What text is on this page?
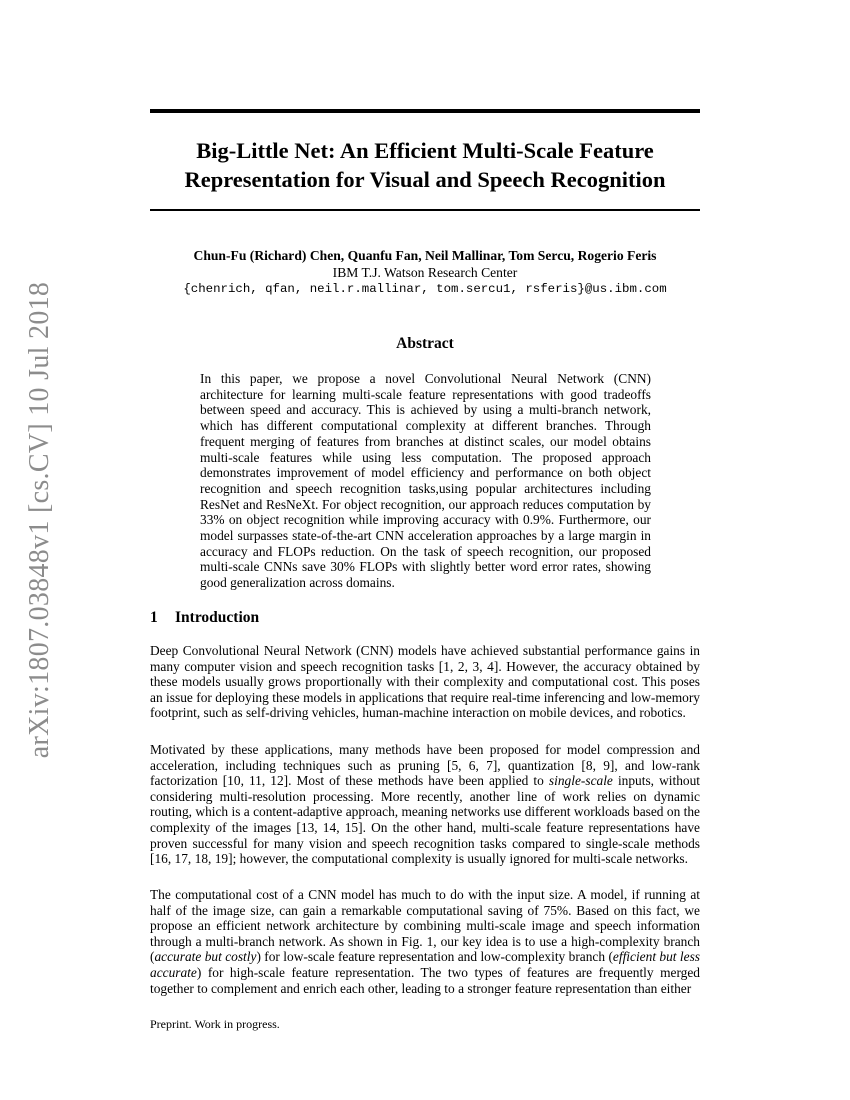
arXiv:1807.03848v1 [cs.CV] 10 Jul 2018
Big-Little Net: An Efficient Multi-Scale Feature
Representation for Visual and Speech Recognition
Chun-Fu (Richard) Chen, Quanfu Fan, Neil Mallinar, Tom Sercu, Rogerio Feris
IBM T.J. Watson Research Center
{chenrich, qfan, neil.r.mallinar, tom.sercu1, rsferis}@us.ibm.com
Abstract

In this paper, we propose a novel Convolutional Neural Network (CNN) architecture for learning multi-scale feature representations with good tradeoffs between speed and accuracy. This is achieved by using a multi-branch network, which has different computational complexity at different branches. Through frequent merging of features from branches at distinct scales, our model obtains multi-scale features while using less computation. The proposed approach demonstrates improvement of model efficiency and performance on both object recognition and speech recognition tasks,using popular architectures including ResNet and ResNeXt. For object recognition, our approach reduces computation by 33% on object recognition while improving accuracy with 0.9%. Furthermore, our model surpasses state-of-the-art CNN acceleration approaches by a large margin in accuracy and FLOPs reduction. On the task of speech recognition, our proposed multi-scale CNNs save 30% FLOPs with slightly better word error rates, showing good generalization across domains.

1 Introduction

Deep Convolutional Neural Network (CNN) models have achieved substantial performance gains in many computer vision and speech recognition tasks [1, 2, 3, 4]. However, the accuracy obtained by these models usually grows proportionally with their complexity and computational cost. This poses an issue for deploying these models in applications that require real-time inferencing and low-memory footprint, such as self-driving vehicles, human-machine interaction on mobile devices, and robotics.

Motivated by these applications, many methods have been proposed for model compression and acceleration, including techniques such as pruning [5, 6, 7], quantization [8, 9], and low-rank factorization [10, 11, 12]. Most of these methods have been applied to single-scale inputs, without considering multi-resolution processing. More recently, another line of work relies on dynamic routing, which is a content-adaptive approach, meaning networks use different workloads based on the complexity of the images [13, 14, 15]. On the other hand, multi-scale feature representations have proven successful for many vision and speech recognition tasks compared to single-scale methods [16, 17, 18, 19]; however, the computational complexity is usually ignored for multi-scale networks.

The computational cost of a CNN model has much to do with the input size. A model, if running at half of the image size, can gain a remarkable computational saving of 75%. Based on this fact, we propose an efficient network architecture by combining multi-scale image and speech information through a multi-branch network. As shown in Fig. 1, our key idea is to use a high-complexity branch (accurate but costly) for low-scale feature representation and low-complexity branch (efficient but less accurate) for high-scale feature representation. The two types of features are frequently merged together to complement and enrich each other, leading to a stronger feature representation than either

Preprint. Work in progress.
